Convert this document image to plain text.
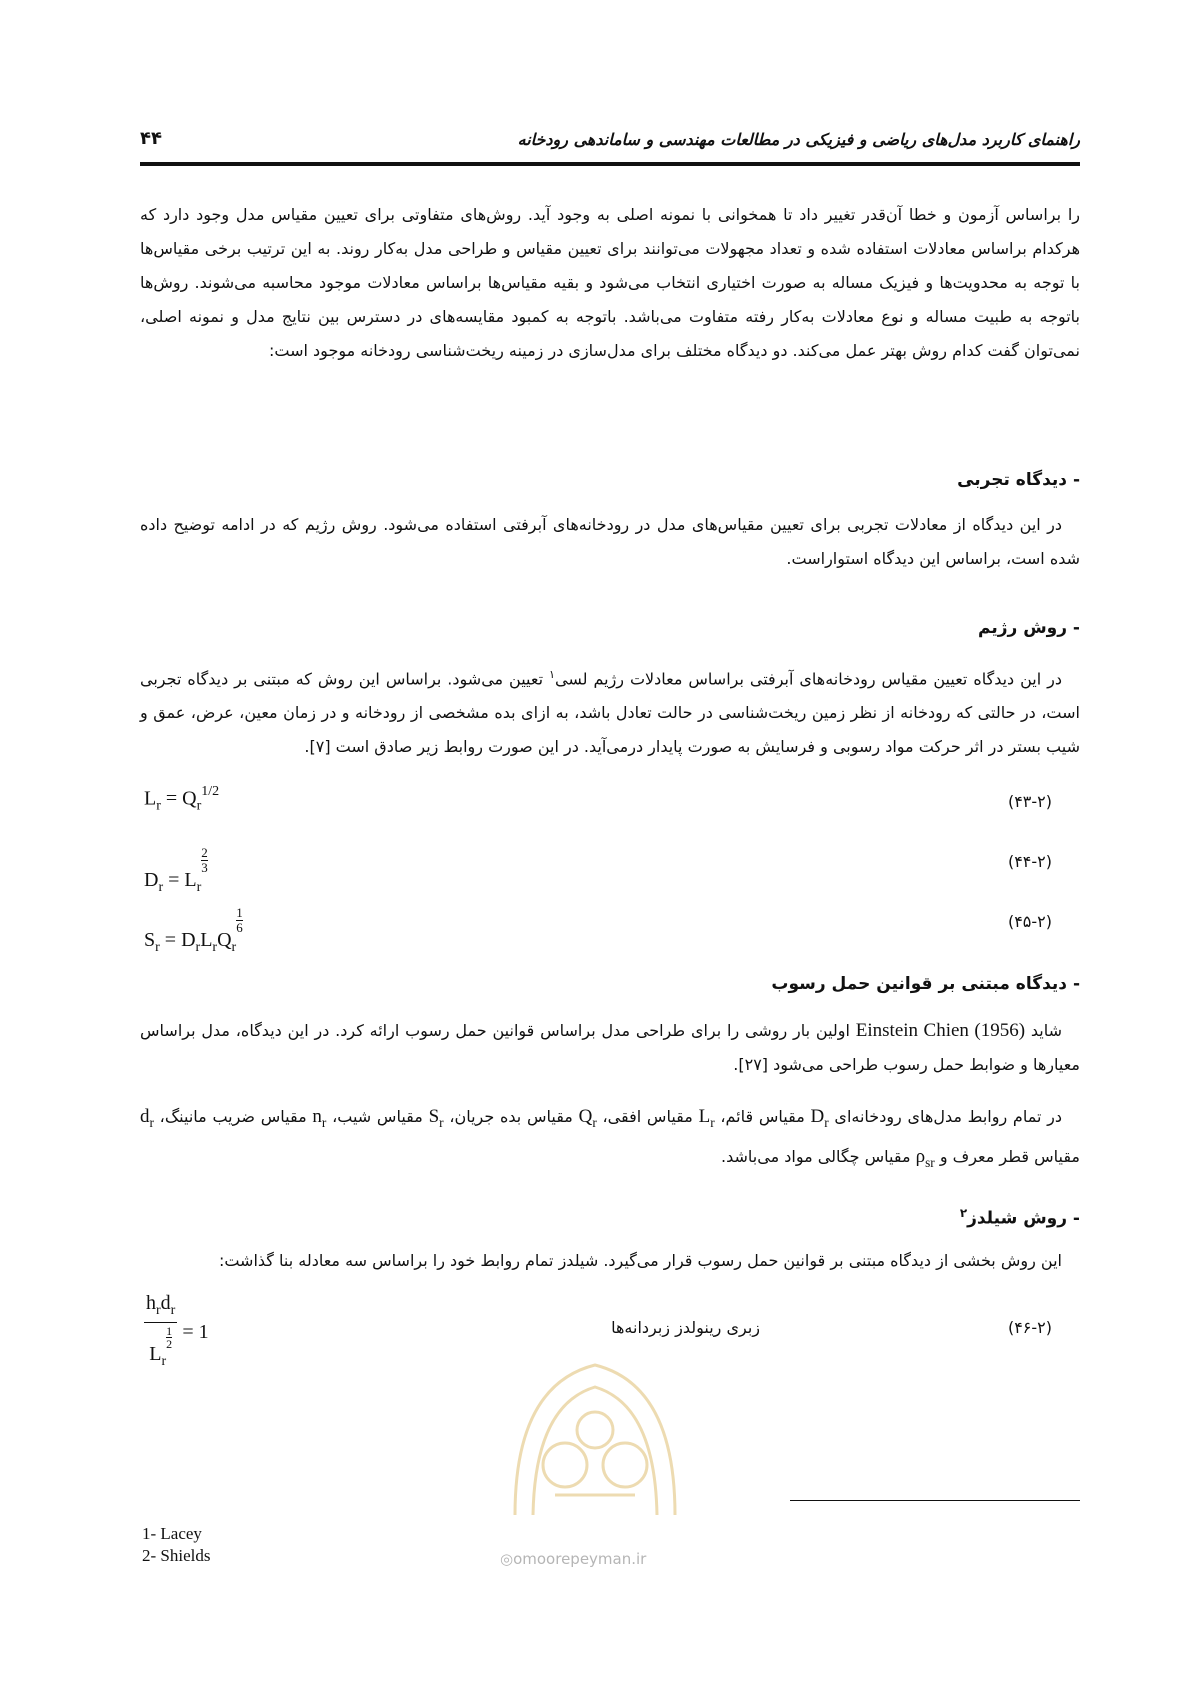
راهنمای کاربرد مدل‌های ریاضی و فیزیکی در مطالعات مهندسی و ساماندهی رودخانه
۴۴
را براساس آزمون و خطا آن‌قدر تغییر داد تا همخوانی با نمونه اصلی به وجود آید. روش‌های متفاوتی برای تعیین مقیاس مدل وجود دارد که هرکدام براساس معادلات استفاده شده و تعداد مجهولات می‌توانند برای تعیین مقیاس و طراحی مدل به‌کار روند. به این ترتیب برخی مقیاس‌ها با توجه به محدویت‌ها و فیزیک مساله به صورت اختیاری انتخاب می‌شود و بقیه مقیاس‌ها براساس معادلات موجود محاسبه می‌شوند. روش‌ها باتوجه به طبیت مساله و نوع معادلات به‌کار رفته متفاوت می‌باشد. باتوجه به کمبود مقایسه‌های در دسترس بین نتایج مدل و نمونه اصلی، نمی‌توان گفت کدام روش بهتر عمل می‌کند. دو دیدگاه مختلف برای مدل‌سازی در زمینه ریخت‌شناسی رودخانه موجود است:
- دیدگاه تجربی
در این دیدگاه از معادلات تجربی برای تعیین مقیاس‌های مدل در رودخانه‌های آبرفتی استفاده می‌شود. روش رژیم که در ادامه توضیح داده شده است، براساس این دیدگاه استواراست.
- روش رژیم
در این دیدگاه تعیین مقیاس رودخانه‌های آبرفتی براساس معادلات رژیم لسی$^۱$ تعیین می‌شود. براساس این روش که مبتنی بر دیدگاه تجربی است، در حالتی که رودخانه از نظر زمین ریخت‌شناسی در حالت تعادل باشد، به ازای بده مشخصی از رودخانه و در زمان معین، عرض، عمق و شیب بستر در اثر حرکت مواد رسوبی و فرسایش به صورت پایدار درمی‌آید. در این صورت روابط زیر صادق است [۷].
$L_r = Q_r^{1/2}$
(۴۳-۲)
$D_r = L_r$
$\frac{2}{3}$	(۴۴-۲)
$S_r = D_rL_rQ_r$
$\frac{1}{6}$	(۴۵-۲)
- دیدگاه مبتنی بر قوانین حمل رسوب
شاید Einstein Chien (1956) اولین بار روشی را برای طراحی مدل براساس قوانین حمل رسوب ارائه کرد. در این دیدگاه، مدل براساس معیارها و ضوابط حمل رسوب طراحی می‌شود [۲۷].
در تمام روابط مدل‌های رودخانه‌ای $D_r$ مقیاس قائم، $L_r$ مقیاس افقی، $Q_r$ مقیاس بده جریان، $S_r$ مقیاس شیب، $n_r$ مقیاس ضریب مانینگ، $d_r$ مقیاس قطر معرف و $\rho_{sr}$ مقیاس چگالی مواد می‌باشد.
- روش شیلدز$^۲$
این روش بخشی از دیدگاه مبتنی بر قوانین حمل رسوب قرار می‌گیرد. شیلدز تمام روابط خود را براساس سه معادله بنا گذاشت:
$h_rd_r$
$L_r$
$\frac{1}{2} = 1$	زبری رینولدز زبردانه‌ها	(۴۶-۲)
◎omoorepeyman.ir
1- Lacey
2- Shields
